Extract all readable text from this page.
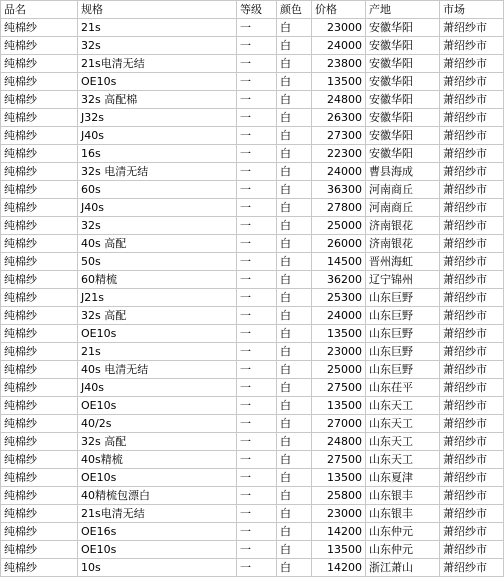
品名	规格	等级	颜色	价格	产地	市场
纯棉纱	21s	一	白	23000	安徽华阳	萧绍纱市
纯棉纱	32s	一	白	24000	安徽华阳	萧绍纱市
纯棉纱	21s电清无结	一	白	23800	安徽华阳	萧绍纱市
纯棉纱	OE10s	一	白	13500	安徽华阳	萧绍纱市
纯棉纱	32s 高配棉	一	白	24800	安徽华阳	萧绍纱市
纯棉纱	J32s	一	白	26300	安徽华阳	萧绍纱市
纯棉纱	J40s	一	白	27300	安徽华阳	萧绍纱市
纯棉纱	16s	一	白	22300	安徽华阳	萧绍纱市
纯棉纱	32s 电清无结	一	白	24000	曹县海成	萧绍纱市
纯棉纱	60s	一	白	36300	河南商丘	萧绍纱市
纯棉纱	J40s	一	白	27800	河南商丘	萧绍纱市
纯棉纱	32s	一	白	25000	济南银花	萧绍纱市
纯棉纱	40s 高配	一	白	26000	济南银花	萧绍纱市
纯棉纱	50s	一	白	14500	晋州海虹	萧绍纱市
纯棉纱	60精梳	一	白	36200	辽宁锦州	萧绍纱市
纯棉纱	J21s	一	白	25300	山东巨野	萧绍纱市
纯棉纱	32s 高配	一	白	24000	山东巨野	萧绍纱市
纯棉纱	OE10s	一	白	13500	山东巨野	萧绍纱市
纯棉纱	21s	一	白	23000	山东巨野	萧绍纱市
纯棉纱	40s 电清无结	一	白	25000	山东巨野	萧绍纱市
纯棉纱	J40s	一	白	27500	山东茌平	萧绍纱市
纯棉纱	OE10s	一	白	13500	山东天工	萧绍纱市
纯棉纱	40/2s	一	白	27000	山东天工	萧绍纱市
纯棉纱	32s 高配	一	白	24800	山东天工	萧绍纱市
纯棉纱	40s精梳	一	白	27500	山东天工	萧绍纱市
纯棉纱	OE10s	一	白	13500	山东夏津	萧绍纱市
纯棉纱	40精梳包漂白	一	白	25800	山东银丰	萧绍纱市
纯棉纱	21s电清无结	一	白	23000	山东银丰	萧绍纱市
纯棉纱	OE16s	一	白	14200	山东仲元	萧绍纱市
纯棉纱	OE10s	一	白	13500	山东仲元	萧绍纱市
纯棉纱	10s	一	白	14200	浙江萧山	萧绍纱市
